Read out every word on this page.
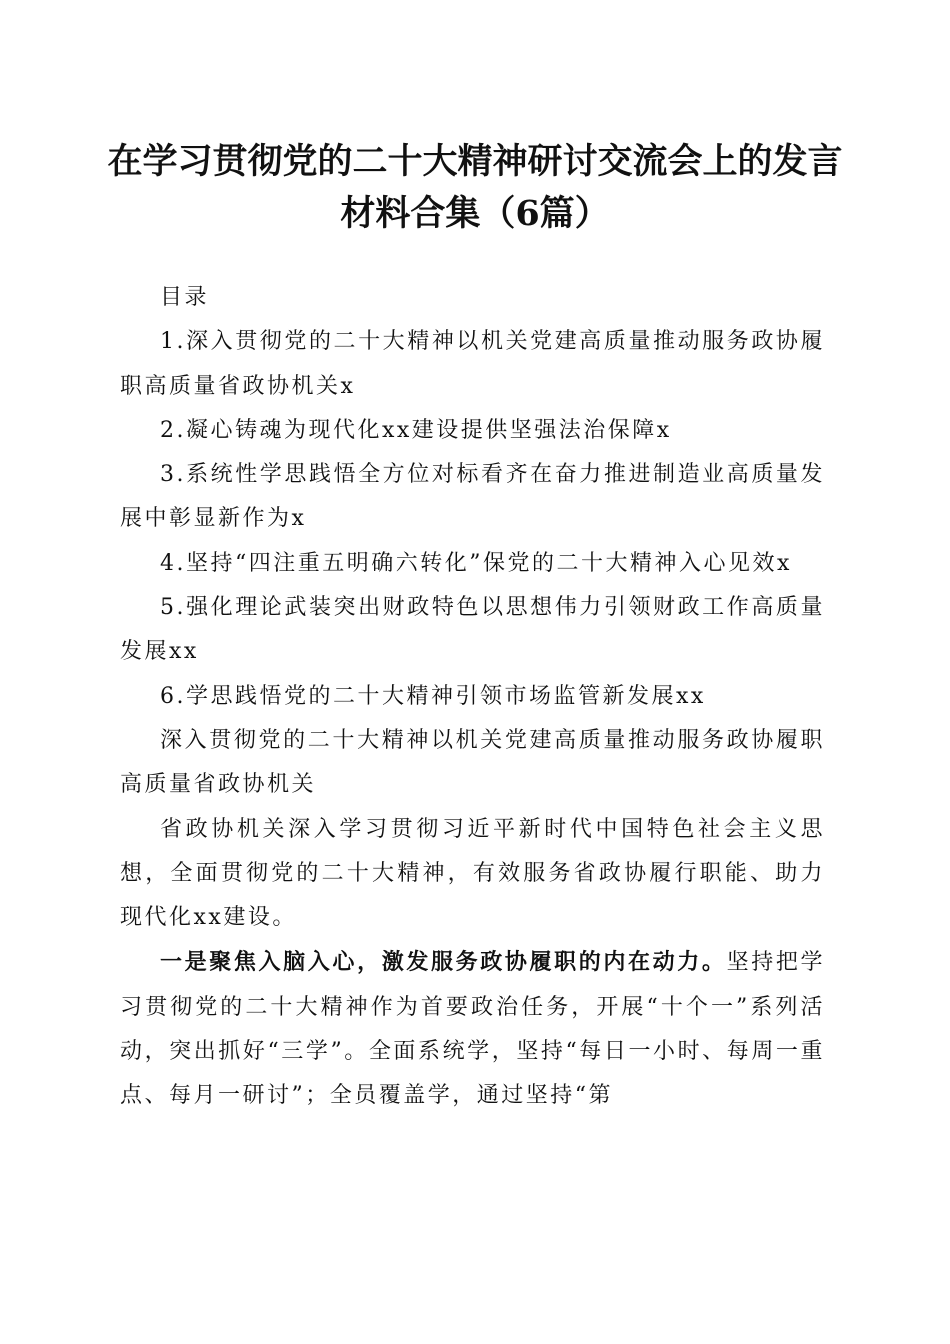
在学习贯彻党的二十大精神研讨交流会上的发言材料合集（6篇）

目录

1.深入贯彻党的二十大精神以机关党建高质量推动服务政协履职高质量省政协机关x

2.凝心铸魂为现代化xx建设提供坚强法治保障x

3.系统性学思践悟全方位对标看齐在奋力推进制造业高质量发展中彰显新作为x

4.坚持“四注重五明确六转化”保党的二十大精神入心见效x

5.强化理论武装突出财政特色以思想伟力引领财政工作高质量发展xx

6.学思践悟党的二十大精神引领市场监管新发展xx

深入贯彻党的二十大精神以机关党建高质量推动服务政协履职高质量省政协机关

省政协机关深入学习贯彻习近平新时代中国特色社会主义思想，全面贯彻党的二十大精神，有效服务省政协履行职能、助力现代化xx建设。

一是聚焦入脑入心，激发服务政协履职的内在动力。坚持把学习贯彻党的二十大精神作为首要政治任务，开展“十个一”系列活动，突出抓好“三学”。全面系统学，坚持“每日一小时、每周一重点、每月一研讨”；全员覆盖学，通过坚持“第
